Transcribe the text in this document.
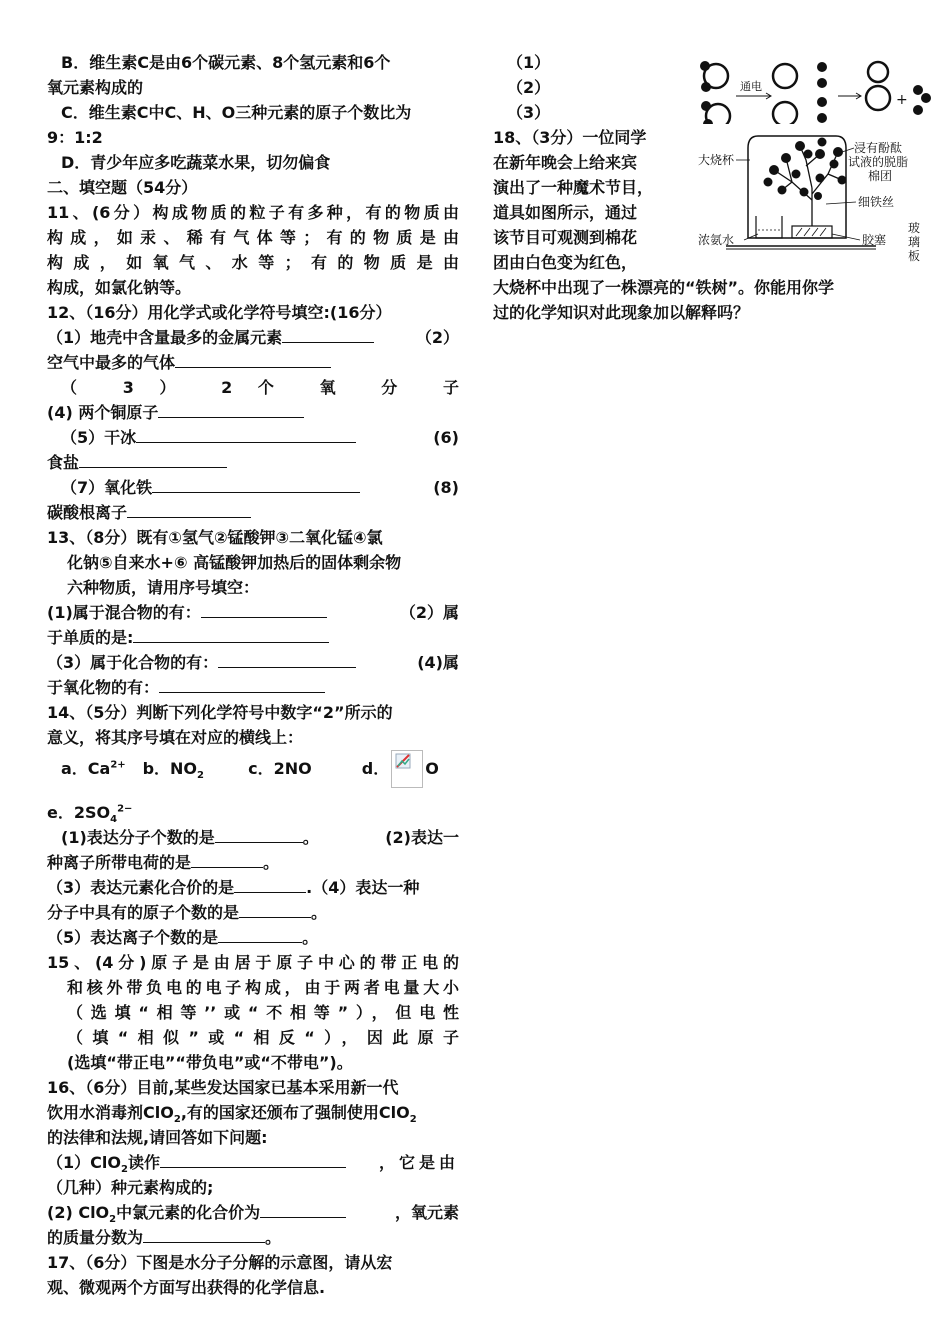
B．维生素C是由6个碳元素、8个氢元素和6个
氧元素构成的
C．维生素C中C、H、O三种元素的原子个数比为
9：1:2
D．青少年应多吃蔬菜水果，切勿偏食
二、填空题（54分）
11、(6分）构成物质的粒子有多种，有的物质由
构成，如汞、稀有气体等；有的物质是由
构成，如氧气、水等；有的物质是由
构成，如氯化钠等。
12、（16分）用化学式或化学符号填空:(16分）
（1）地壳中含量最多的金属元素	（2）
空气中最多的气体
（ 3 ） 2 个 氧 分 子
(4) 两个铜原子
（5）干冰	(6)
食盐
（7）氧化铁	(8)
碳酸根离子
13、（8分）既有①氢气②锰酸钾③二氧化锰④氯
化钠⑤自来水+⑥ 高锰酸钾加热后的固体剩余物
六种物质，请用序号填空：
(1)属于混合物的有：	（2）属
于单质的是:
（3）属于化合物的有：	(4)属
于氧化物的有：
14、（5分）判断下列化学符号中数字“2”所示的
意义，将其序号填在对应的横线上：
a．$Ca^{2+}$ b．$NO_2$	c．2NO	d． O
e．$2SO_4^{2-}$
(1)表达分子个数的是	。	(2)表达一
种离子所带电荷的是	。
（3）表达元素化合价的是	.（4）表达一种
分子中具有的原子个数的是	。
（5）表达离子个数的是	。
15、(4分)原子是由居于原子中心的带正电的
和核外带负电的电子构成，由于两者电量大小
（选填“相等’’或“不相等”），但电性
（填“相似”或“相反“），因此原子
(选填“带正电”“带负电”或“不带电”)。
16、（6分）目前,某些发达国家已基本采用新一代
饮用水消毒剂ClO$_2$,有的国家还颁布了强制使用ClO$_2$
的法律和法规,请回答如下问题:
（1）ClO$_2$读作	，它是由
（几种）种元素构成的;
(2) ClO$_2$中氯元素的化合价为	，氧元素
的质量分数为	。
17、（6分）下图是水分子分解的示意图，请从宏
观、微观两个方面写出获得的化学信息.
（1）
（2）
（3）
18、（3分）一位同学
在新年晚会上给来宾
演出了一种魔术节目，
道具如图所示，通过
该节目可观测到棉花
团由白色变为红色，
大烧杯中出现了一株漂亮的“铁树”。你能用你学
过的化学知识对此现象加以解释吗？
通电
+
大烧杯
浸有酚酞
试液的脱脂
棉团
细铁丝
浓氨水	胶塞
玻
璃
板
